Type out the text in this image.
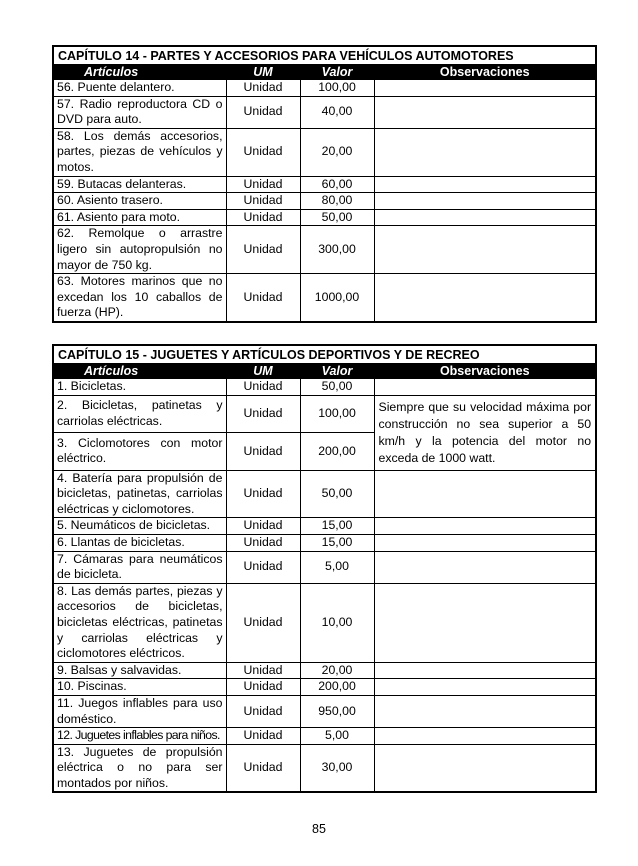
CAPÍTULO 14 - PARTES Y ACCESORIOS PARA VEHÍCULOS AUTOMOTORES			
Artículos	UM	Valor	Observaciones
56. Puente delantero.	Unidad	100,00	
57. Radio reproductora CD o DVD para auto.	Unidad	40,00	
58. Los demás accesorios, partes, piezas de vehículos y motos.	Unidad	20,00	
59. Butacas delanteras.	Unidad	60,00	
60. Asiento trasero.	Unidad	80,00	
61. Asiento para moto.	Unidad	50,00	
62. Remolque o arrastre ligero sin autopropulsión no mayor de 750 kg.	Unidad	300,00	
63. Motores marinos que no excedan los 10 caballos de fuerza (HP).	Unidad	1000,00	
CAPÍTULO 15 - JUGUETES Y ARTÍCULOS DEPORTIVOS Y DE RECREO			
Artículos	UM	Valor	Observaciones
1. Bicicletas.	Unidad	50,00	
2. Bicicletas, patinetas y carriolas eléctricas.	Unidad	100,00	Siempre que su velocidad máxima por construcción no sea superior a 50 km/h y la potencia del motor no exceda de 1000 watt.
3. Ciclomotores con motor eléctrico.	Unidad	200,00	
4. Batería para propulsión de bicicletas, patinetas, carriolas eléctricas y ciclomotores.	Unidad	50,00	
5. Neumáticos de bicicletas.	Unidad	15,00	
6. Llantas de bicicletas.	Unidad	15,00	
7. Cámaras para neumáticos de bicicleta.	Unidad	5,00	
8. Las demás partes, piezas y accesorios de bicicletas, bicicletas eléctricas, patinetas y carriolas eléctricas y ciclomotores eléctricos.	Unidad	10,00	
9. Balsas y salvavidas.	Unidad	20,00	
10. Piscinas.	Unidad	200,00	
11. Juegos inflables para uso doméstico.	Unidad	950,00	
12. Juguetes inflables para niños.	Unidad	5,00	
13. Juguetes de propulsión eléctrica o no para ser montados por niños.	Unidad	30,00	
85
